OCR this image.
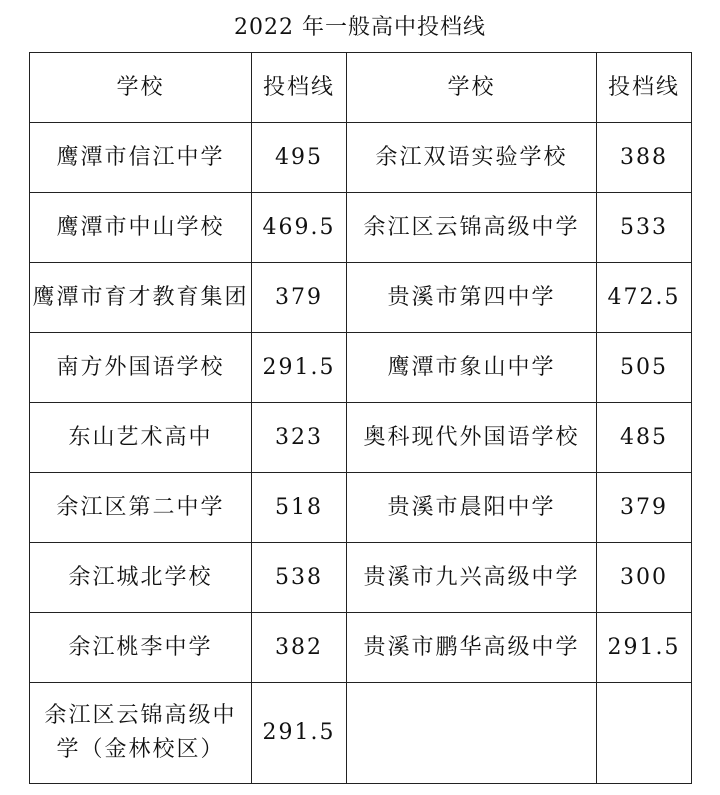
2022 年一般高中投档线
学校	投档线	学校	投档线
鹰潭市信江中学	495	余江双语实验学校	388
鹰潭市中山学校	469.5	余江区云锦高级中学	533
鹰潭市育才教育集团	379	贵溪市第四中学	472.5
南方外国语学校	291.5	鹰潭市象山中学	505
东山艺术高中	323	奥科现代外国语学校	485
余江区第二中学	518	贵溪市晨阳中学	379
余江城北学校	538	贵溪市九兴高级中学	300
余江桃李中学	382	贵溪市鹏华高级中学	291.5

余江区云锦高级中学（金林校区）	291.5		
